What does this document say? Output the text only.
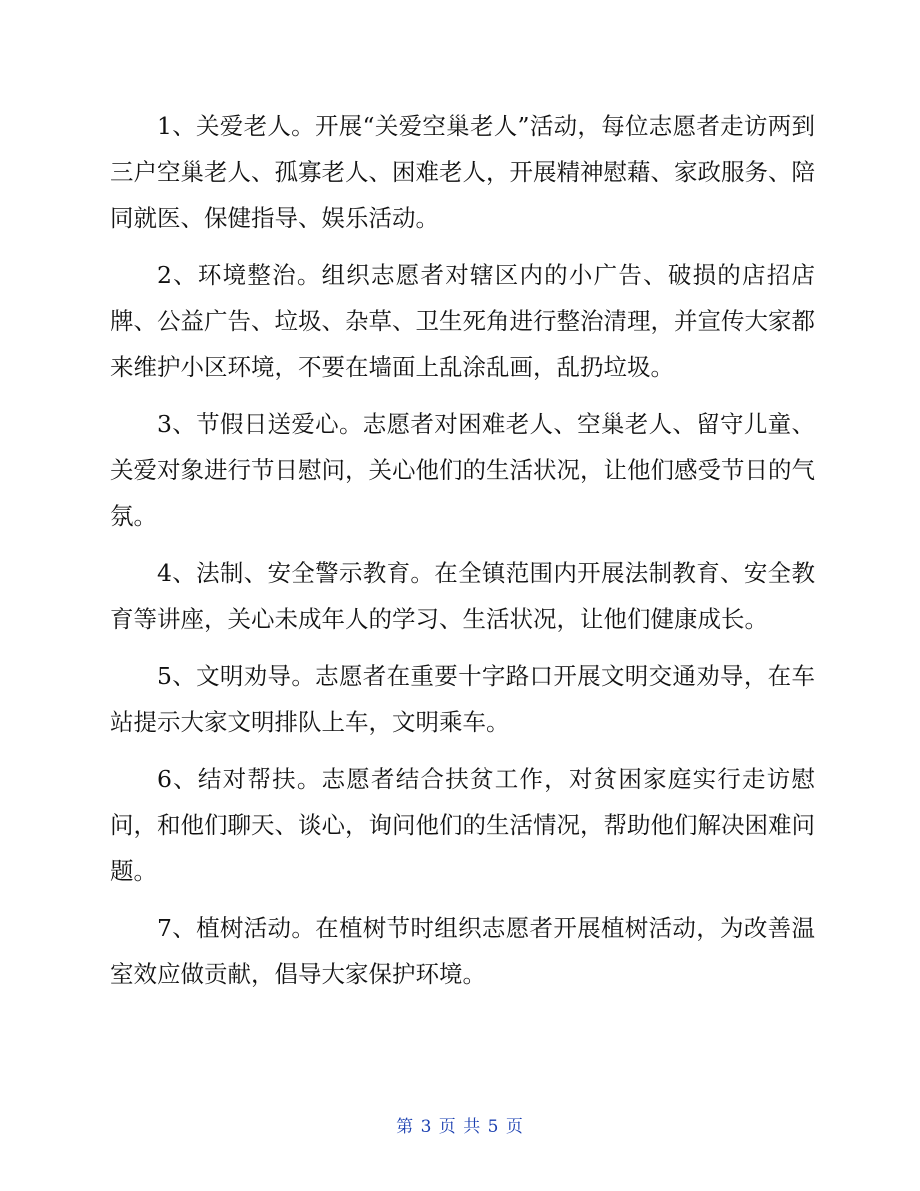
1、关爱老人。开展“关爱空巢老人”活动，每位志愿者走访两到三户空巢老人、孤寡老人、困难老人，开展精神慰藉、家政服务、陪同就医、保健指导、娱乐活动。

2、环境整治。组织志愿者对辖区内的小广告、破损的店招店牌、公益广告、垃圾、杂草、卫生死角进行整治清理，并宣传大家都来维护小区环境，不要在墙面上乱涂乱画，乱扔垃圾。

3、节假日送爱心。志愿者对困难老人、空巢老人、留守儿童、关爱对象进行节日慰问，关心他们的生活状况，让他们感受节日的气氛。

4、法制、安全警示教育。在全镇范围内开展法制教育、安全教育等讲座，关心未成年人的学习、生活状况，让他们健康成长。

5、文明劝导。志愿者在重要十字路口开展文明交通劝导，在车站提示大家文明排队上车，文明乘车。

6、结对帮扶。志愿者结合扶贫工作，对贫困家庭实行走访慰问，和他们聊天、谈心，询问他们的生活情况，帮助他们解决困难问题。

7、植树活动。在植树节时组织志愿者开展植树活动，为改善温室效应做贡献，倡导大家保护环境。

第 3 页 共 5 页
